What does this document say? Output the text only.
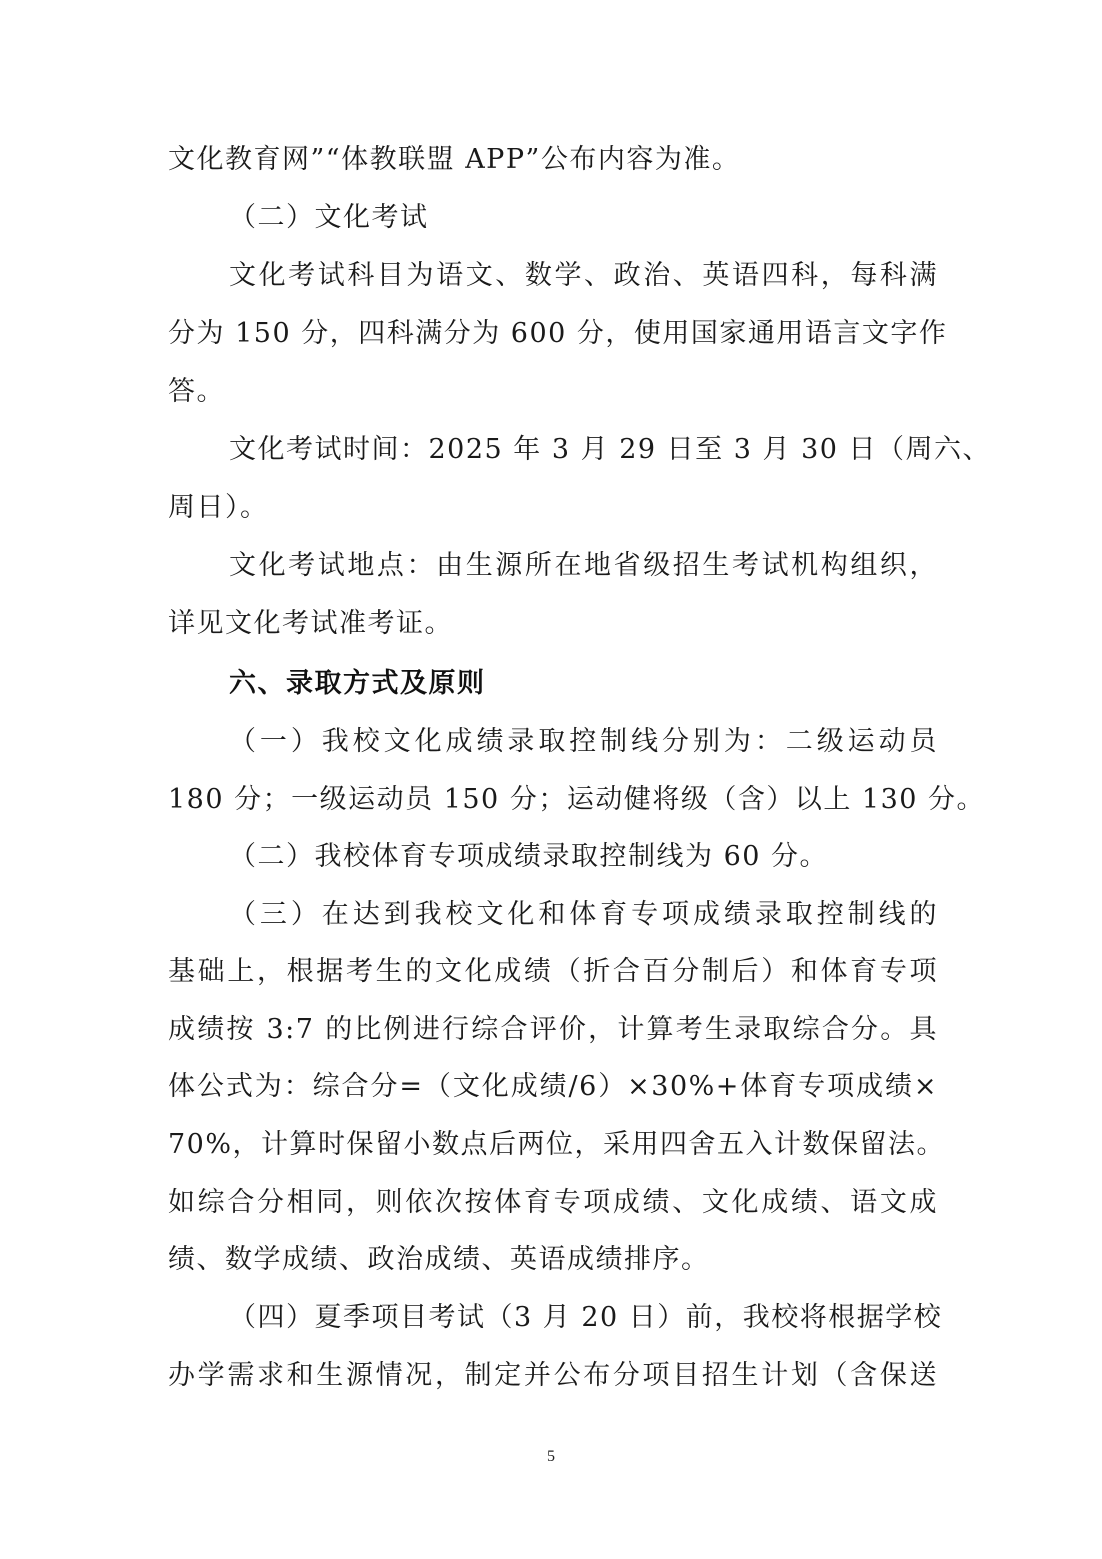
文化教育网”“体教联盟 APP”公布内容为准。
（二）文化考试
文化考试科目为语文、数学、政治、英语四科，每科满
分为 150 分，四科满分为 600 分，使用国家通用语言文字作
答。
文化考试时间：2025 年 3 月 29 日至 3 月 30 日（周六、
周日）。
文化考试地点：由生源所在地省级招生考试机构组织，
详见文化考试准考证。
六、录取方式及原则
（一）我校文化成绩录取控制线分别为：二级运动员
180 分；一级运动员 150 分；运动健将级（含）以上 130 分。
（二）我校体育专项成绩录取控制线为 60 分。
（三）在达到我校文化和体育专项成绩录取控制线的
基础上，根据考生的文化成绩（折合百分制后）和体育专项
成绩按 3:7 的比例进行综合评价，计算考生录取综合分。具
体公式为：综合分=（文化成绩/6）×30%+体育专项成绩×
70%，计算时保留小数点后两位，采用四舍五入计数保留法。
如综合分相同，则依次按体育专项成绩、文化成绩、语文成
绩、数学成绩、政治成绩、英语成绩排序。
（四）夏季项目考试（3 月 20 日）前，我校将根据学校
办学需求和生源情况，制定并公布分项目招生计划（含保送
5
